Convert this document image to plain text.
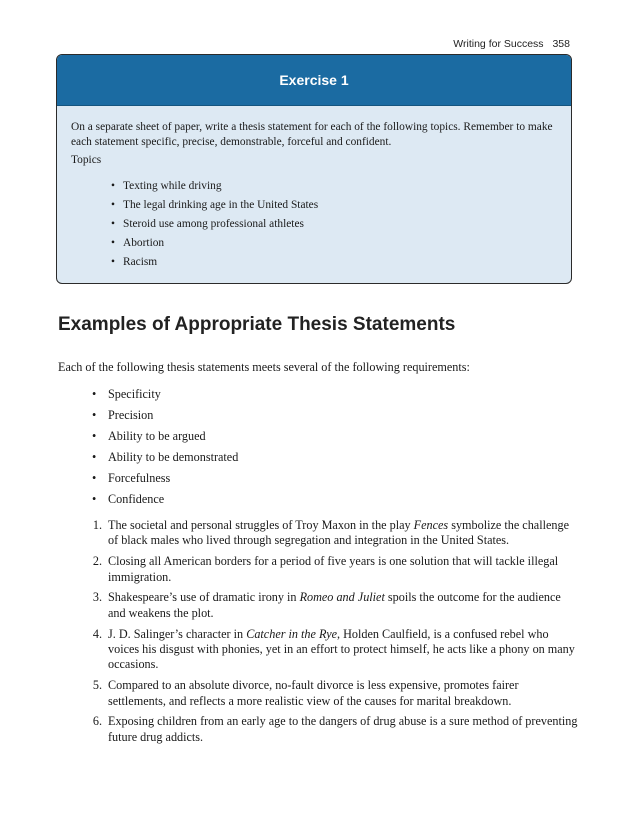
Writing for Success 358
Exercise 1

On a separate sheet of paper, write a thesis statement for each of the following topics. Remember to make each statement specific, precise, demonstrable, forceful and confident.

Topics

• Texting while driving
• The legal drinking age in the United States
• Steroid use among professional athletes
• Abortion
• Racism
Examples of Appropriate Thesis Statements

Each of the following thesis statements meets several of the following requirements:

• Specificity
• Precision
• Ability to be argued
• Ability to be demonstrated
• Forcefulness
• Confidence
1. The societal and personal struggles of Troy Maxon in the play Fences symbolize the challenge of black males who lived through segregation and integration in the United States.
2. Closing all American borders for a period of five years is one solution that will tackle illegal immigration.
3. Shakespeare’s use of dramatic irony in Romeo and Juliet spoils the outcome for the audience and weakens the plot.
4. J. D. Salinger’s character in Catcher in the Rye, Holden Caulfield, is a confused rebel who voices his disgust with phonies, yet in an effort to protect himself, he acts like a phony on many occasions.
5. Compared to an absolute divorce, no-fault divorce is less expensive, promotes fairer settlements, and reflects a more realistic view of the causes for marital breakdown.
6. Exposing children from an early age to the dangers of drug abuse is a sure method of preventing future drug addicts.
